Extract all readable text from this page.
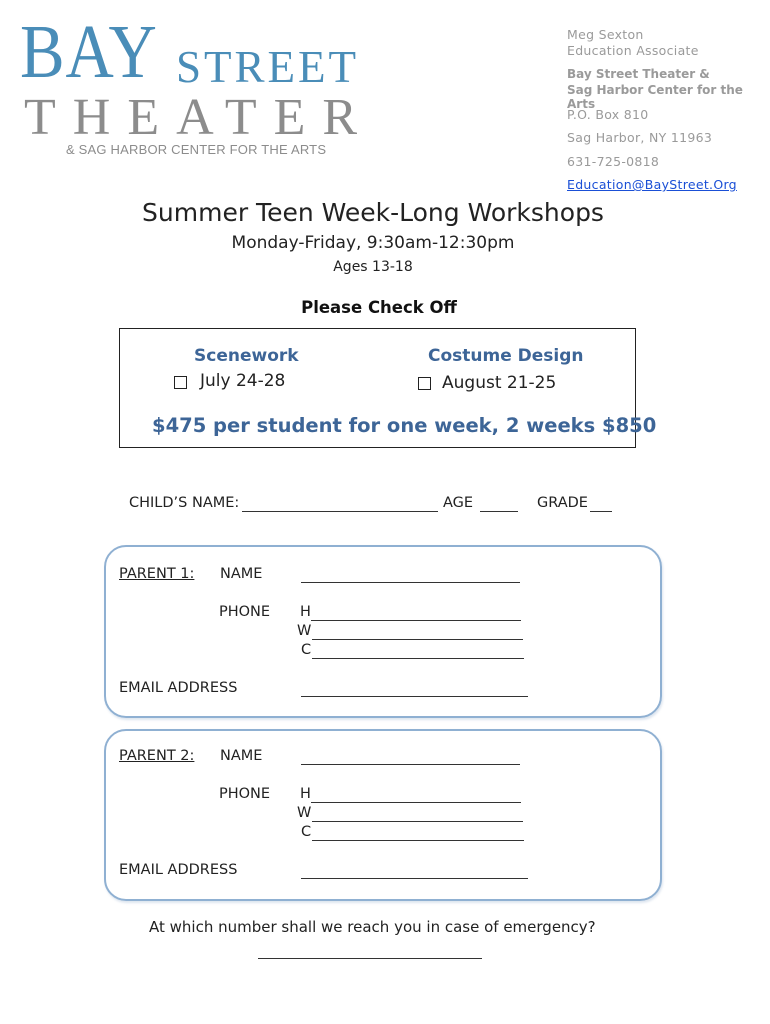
BAY STREET
THEATER
& SAG HARBOR CENTER FOR THE ARTS
Meg Sexton
Education Associate
Bay Street Theater &
Sag Harbor Center for the Arts
P.O. Box 810
Sag Harbor, NY 11963
631-725-0818
Education@BayStreet.Org
Summer Teen Week-Long Workshops
Monday-Friday, 9:30am-12:30pm
Ages 13-18
Please Check Off
Scenework
July 24-28
Costume Design
August 21-25
$475 per student for one week, 2 weeks $850
CHILD’S NAME:	AGE	GRADE
PARENT 1: NAME
PHONE H
W
C
EMAIL ADDRESS
PARENT 2: NAME
PHONE H
W
C
EMAIL ADDRESS
At which number shall we reach you in case of emergency?
